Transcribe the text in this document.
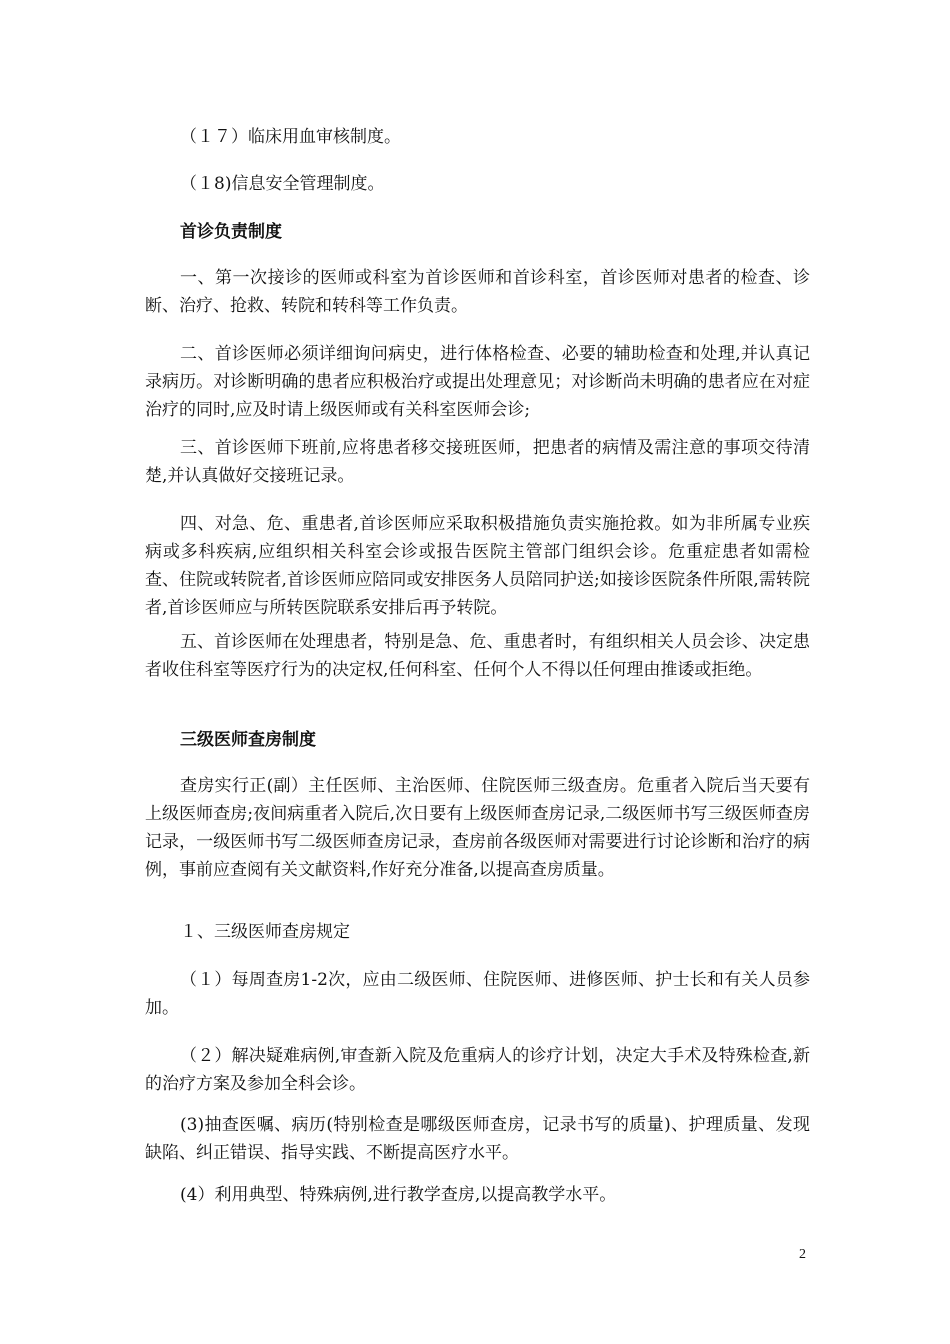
（１７）临床用血审核制度。

（１8)信息安全管理制度。

首诊负责制度

一、第一次接诊的医师或科室为首诊医师和首诊科室，首诊医师对患者的检查、诊断、治疗、抢救、转院和转科等工作负责。

二、首诊医师必须详细询问病史，进行体格检查、必要的辅助检查和处理,并认真记录病历。对诊断明确的患者应积极治疗或提出处理意见；对诊断尚未明确的患者应在对症治疗的同时,应及时请上级医师或有关科室医师会诊;

三、首诊医师下班前,应将患者移交接班医师，把患者的病情及需注意的事项交待清楚,并认真做好交接班记录。

四、对急、危、重患者,首诊医师应采取积极措施负责实施抢救。如为非所属专业疾病或多科疾病,应组织相关科室会诊或报告医院主管部门组织会诊。危重症患者如需检查、住院或转院者,首诊医师应陪同或安排医务人员陪同护送;如接诊医院条件所限,需转院者,首诊医师应与所转医院联系安排后再予转院。

五、首诊医师在处理患者，特别是急、危、重患者时，有组织相关人员会诊、决定患者收住科室等医疗行为的决定权,任何科室、任何个人不得以任何理由推诿或拒绝。

三级医师查房制度

查房实行正(副）主任医师、主治医师、住院医师三级查房。危重者入院后当天要有上级医师查房;夜间病重者入院后,次日要有上级医师查房记录,二级医师书写三级医师查房记录，一级医师书写二级医师查房记录，查房前各级医师对需要进行讨论诊断和治疗的病例，事前应查阅有关文献资料,作好充分准备,以提高查房质量。

１、三级医师查房规定

（１）每周查房1-2次，应由二级医师、住院医师、进修医师、护士长和有关人员参加。

（２）解决疑难病例,审查新入院及危重病人的诊疗计划，决定大手术及特殊检查,新的治疗方案及参加全科会诊。

(3)抽查医嘱、病历(特别检查是哪级医师查房，记录书写的质量)、护理质量、发现缺陷、纠正错误、指导实践、不断提高医疗水平。

(4）利用典型、特殊病例,进行教学查房,以提高教学水平。

2
